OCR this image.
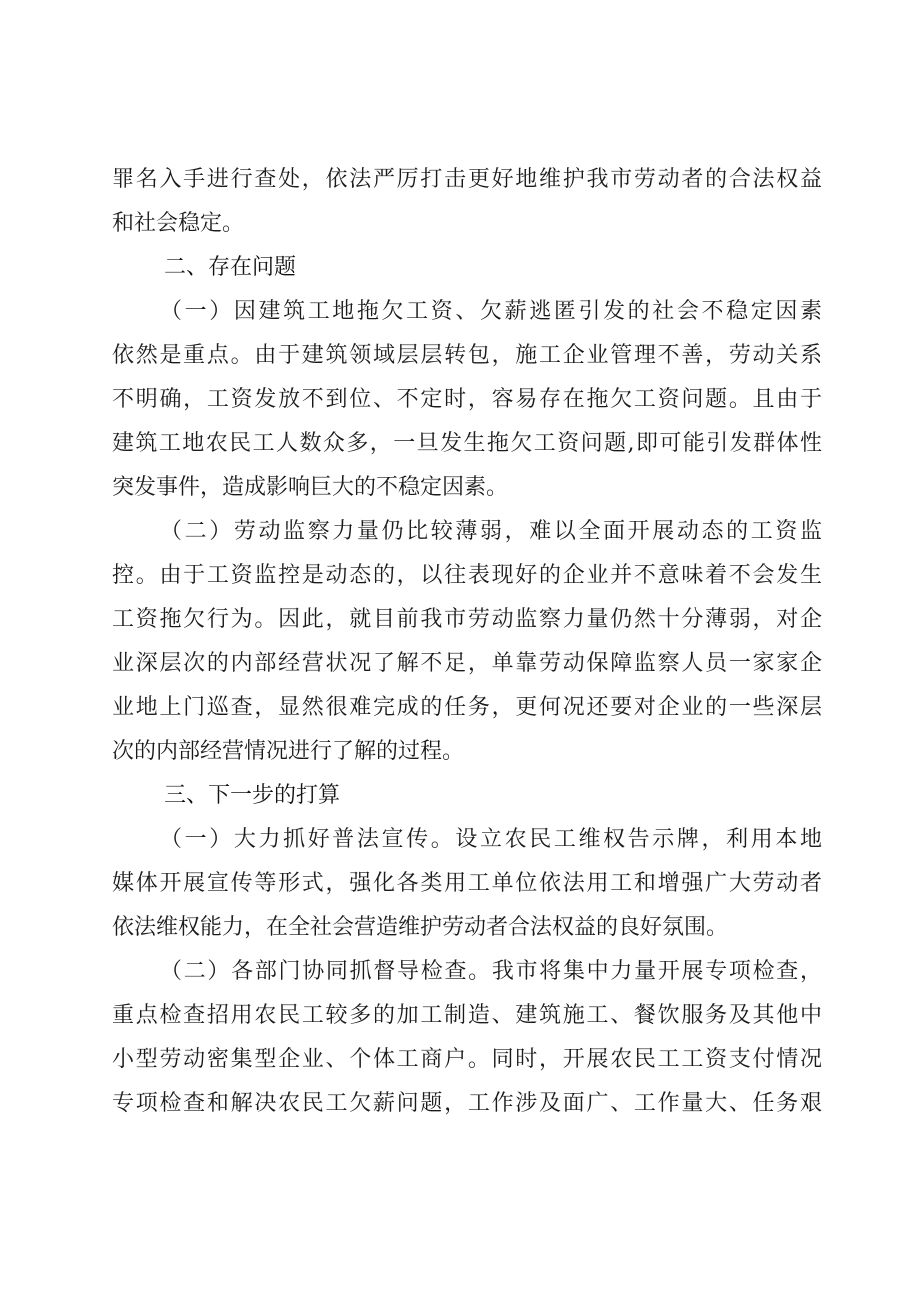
罪名入手进行查处，依法严厉打击更好地维护我市劳动者的合法权益
和社会稳定。
二、存在问题
（一）因建筑工地拖欠工资、欠薪逃匿引发的社会不稳定因素
依然是重点。由于建筑领域层层转包，施工企业管理不善，劳动关系
不明确，工资发放不到位、不定时，容易存在拖欠工资问题。且由于
建筑工地农民工人数众多，一旦发生拖欠工资问题,即可能引发群体性
突发事件，造成影响巨大的不稳定因素。
（二）劳动监察力量仍比较薄弱，难以全面开展动态的工资监
控。由于工资监控是动态的，以往表现好的企业并不意味着不会发生
工资拖欠行为。因此，就目前我市劳动监察力量仍然十分薄弱，对企
业深层次的内部经营状况了解不足，单靠劳动保障监察人员一家家企
业地上门巡查，显然很难完成的任务，更何况还要对企业的一些深层
次的内部经营情况进行了解的过程。
三、下一步的打算
（一）大力抓好普法宣传。设立农民工维权告示牌，利用本地
媒体开展宣传等形式，强化各类用工单位依法用工和增强广大劳动者
依法维权能力，在全社会营造维护劳动者合法权益的良好氛围。
（二）各部门协同抓督导检查。我市将集中力量开展专项检查，
重点检查招用农民工较多的加工制造、建筑施工、餐饮服务及其他中
小型劳动密集型企业、个体工商户。同时，开展农民工工资支付情况
专项检查和解决农民工欠薪问题，工作涉及面广、工作量大、任务艰
